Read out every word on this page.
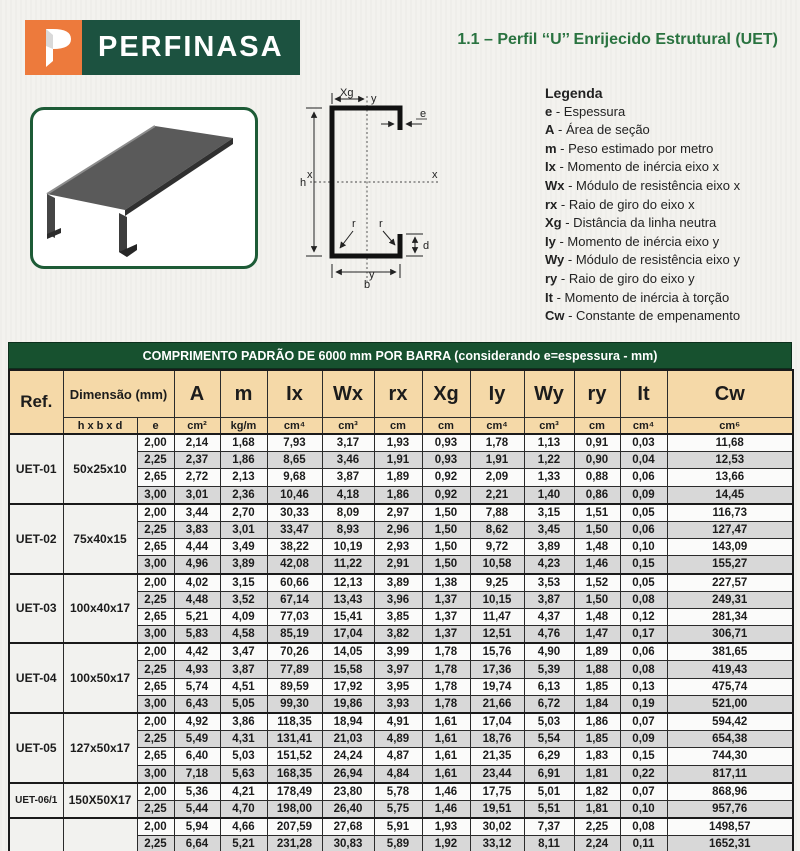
PERFINASA	1.1 – Perfil ‘‘U’’ Enrijecido Estrutural (UET)
h
b
Xg y
x	x
y
e
d
r r
Legenda
e - Espessura
A - Área de seção
m - Peso estimado por metro
Ix - Momento de inércia eixo x
Wx - Módulo de resistência eixo x
rx - Raio de giro do eixo x
Xg - Distância da linha neutra
Iy - Momento de inércia eixo y
Wy - Módulo de resistência eixo y
ry - Raio de giro do eixo y
It - Momento de inércia à torção
Cw - Constante de empenamento
COMPRIMENTO PADRÃO DE 6000 mm POR BARRA (considerando e=espessura - mm)
Ref.	Dimensão (mm)		A	m	Ix	Wx	rx	Xg	Iy	Wy	ry	It	Cw
	h x b x d	e	cm²	kg/m	cm⁴	cm³	cm	cm	cm⁴	cm³	cm	cm⁴	cm⁶
UET-01	50x25x10	2,00	2,14	1,68	7,93	3,17	1,93	0,93	1,78	1,13	0,91	0,03	11,68
		2,25	2,37	1,86	8,65	3,46	1,91	0,93	1,91	1,22	0,90	0,04	12,53
		2,65	2,72	2,13	9,68	3,87	1,89	0,92	2,09	1,33	0,88	0,06	13,66
		3,00	3,01	2,36	10,46	4,18	1,86	0,92	2,21	1,40	0,86	0,09	14,45
UET-02	75x40x15	2,00	3,44	2,70	30,33	8,09	2,97	1,50	7,88	3,15	1,51	0,05	116,73
		2,25	3,83	3,01	33,47	8,93	2,96	1,50	8,62	3,45	1,50	0,06	127,47
		2,65	4,44	3,49	38,22	10,19	2,93	1,50	9,72	3,89	1,48	0,10	143,09
		3,00	4,96	3,89	42,08	11,22	2,91	1,50	10,58	4,23	1,46	0,15	155,27
UET-03	100x40x17	2,00	4,02	3,15	60,66	12,13	3,89	1,38	9,25	3,53	1,52	0,05	227,57
		2,25	4,48	3,52	67,14	13,43	3,96	1,37	10,15	3,87	1,50	0,08	249,31
		2,65	5,21	4,09	77,03	15,41	3,85	1,37	11,47	4,37	1,48	0,12	281,34
		3,00	5,83	4,58	85,19	17,04	3,82	1,37	12,51	4,76	1,47	0,17	306,71
UET-04	100x50x17	2,00	4,42	3,47	70,26	14,05	3,99	1,78	15,76	4,90	1,89	0,06	381,65
		2,25	4,93	3,87	77,89	15,58	3,97	1,78	17,36	5,39	1,88	0,08	419,43
		2,65	5,74	4,51	89,59	17,92	3,95	1,78	19,74	6,13	1,85	0,13	475,74
		3,00	6,43	5,05	99,30	19,86	3,93	1,78	21,66	6,72	1,84	0,19	521,00
UET-05	127x50x17	2,00	4,92	3,86	118,35	18,94	4,91	1,61	17,04	5,03	1,86	0,07	594,42
		2,25	5,49	4,31	131,41	21,03	4,89	1,61	18,76	5,54	1,85	0,09	654,38
		2,65	6,40	5,03	151,52	24,24	4,87	1,61	21,35	6,29	1,83	0,15	744,30
		3,00	7,18	5,63	168,35	26,94	4,84	1,61	23,44	6,91	1,81	0,22	817,11
UET-06/1	150X50X17	2,00	5,36	4,21	178,49	23,80	5,78	1,46	17,75	5,01	1,82	0,07	868,96
		2,25	5,44	4,70	198,00	26,40	5,75	1,46	19,51	5,51	1,81	0,10	957,76
		2,00	5,94	4,66	207,59	27,68	5,91	1,93	30,02	7,37	2,25	0,08	1498,57
		2,25	6,64	5,21	231,28	30,83	5,89	1,92	33,12	8,11	2,24	0,11	1652,31
